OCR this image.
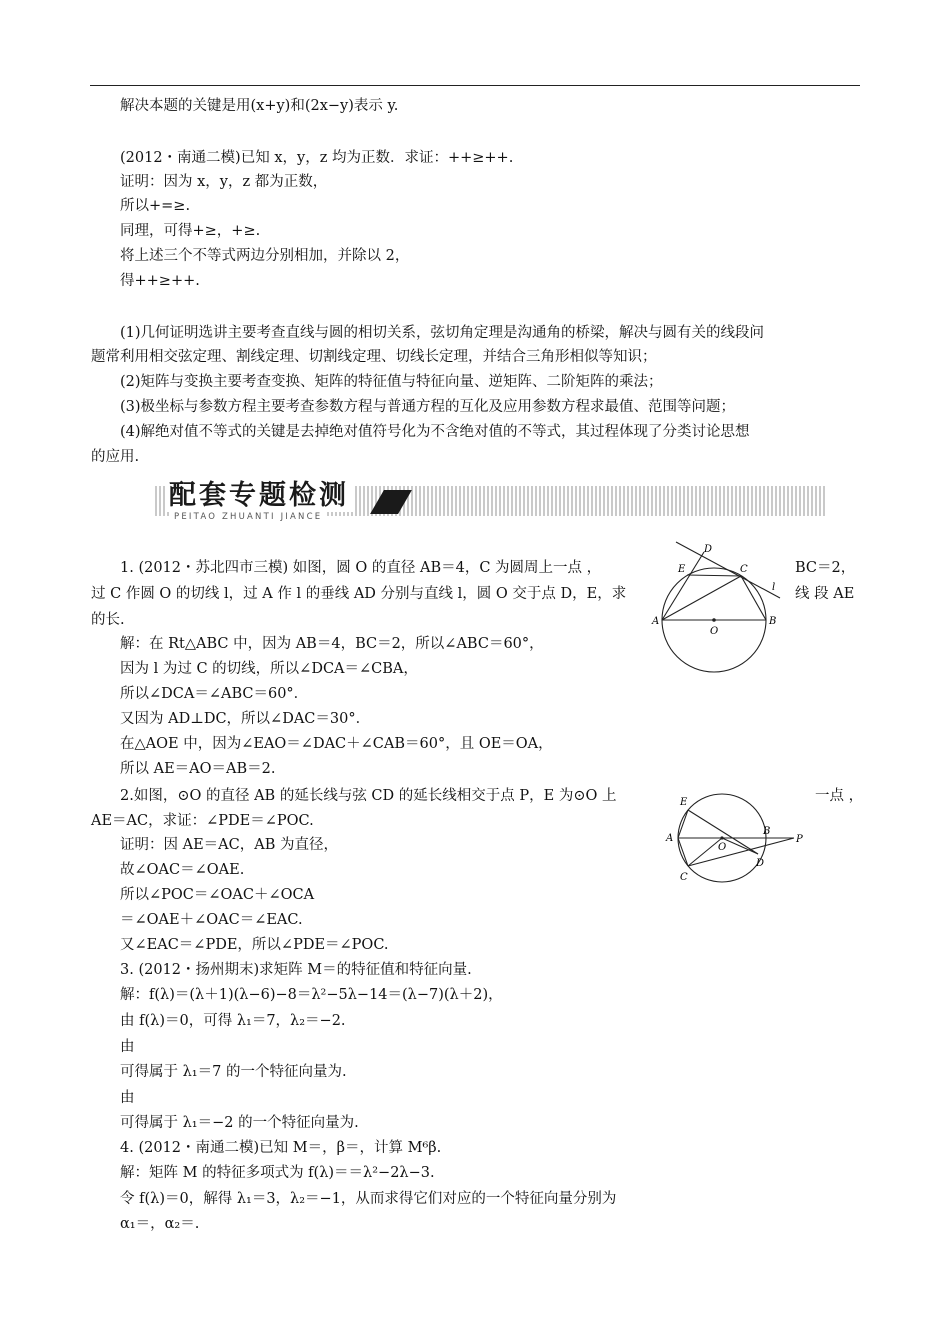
解决本题的关键是用(x+y)和(2x−y)表示 y.
(2012・南通二模)已知 x，y，z 均为正数．求证：++≥++.
证明：因为 x，y，z 都为正数，
所以+=≥.
同理，可得+≥，+≥.
将上述三个不等式两边分别相加，并除以 2，
得++≥++.
(1)几何证明选讲主要考查直线与圆的相切关系，弦切角定理是沟通角的桥梁，解决与圆有关的线段问
题常利用相交弦定理、割线定理、切割线定理、切线长定理，并结合三角形相似等知识；
(2)矩阵与变换主要考查变换、矩阵的特征值与特征向量、逆矩阵、二阶矩阵的乘法；
(3)极坐标与参数方程主要考查参数方程与普通方程的互化及应用参数方程求最值、范围等问题；
(4)解绝对值不等式的关键是去掉绝对值符号化为不含绝对值的不等式，其过程体现了分类讨论思想
的应用.
配套专题检测
PEITAO ZHUANTI JIANCE
1. (2012・苏北四市三模) 如图，圆 O 的直径 AB＝4，C 为圆周上一点 ，	BC＝2，
过 C 作圆 O 的切线 l，过 A 作 l 的垂线 AD 分别与直线 l，圆 O 交于点 D，E，求	线 段 AE
的长.
解：在 Rt△ABC 中，因为 AB＝4，BC＝2，所以∠ABC＝60°，
因为 l 为过 C 的切线，所以∠DCA＝∠CBA，
所以∠DCA＝∠ABC＝60°．
又因为 AD⊥DC，所以∠DAC＝30°．
在△AOE 中，因为∠EAO＝∠DAC＋∠CAB＝60°，且 OE＝OA，
所以 AE＝AO＝AB＝2.
D
E	C
l
A
O
B
2.如图，⊙O 的直径 AB 的延长线与弦 CD 的延长线相交于点 P，E 为⊙O 上	一点 ，
AE＝AC，求证：∠PDE＝∠POC.
证明：因 AE＝AC，AB 为直径，
故∠OAC＝∠OAE.
所以∠POC＝∠OAC＋∠OCA
＝∠OAE＋∠OAC＝∠EAC.
又∠EAC＝∠PDE，所以∠PDE＝∠POC.
E
A
O
B
P
D
C
3. (2012・扬州期末)求矩阵 M＝的特征值和特征向量.
解：f(λ)＝(λ＋1)(λ−6)−8＝λ²−5λ−14＝(λ−7)(λ＋2)，
由 f(λ)＝0，可得 λ₁＝7，λ₂＝−2.
由
可得属于 λ₁＝7 的一个特征向量为.
由
可得属于 λ₁＝−2 的一个特征向量为.
4. (2012・南通二模)已知 M＝，β＝，计算 M⁶β.
解：矩阵 M 的特征多项式为 f(λ)＝＝λ²−2λ−3.
令 f(λ)＝0，解得 λ₁＝3，λ₂＝−1，从而求得它们对应的一个特征向量分别为
α₁＝，α₂＝.
